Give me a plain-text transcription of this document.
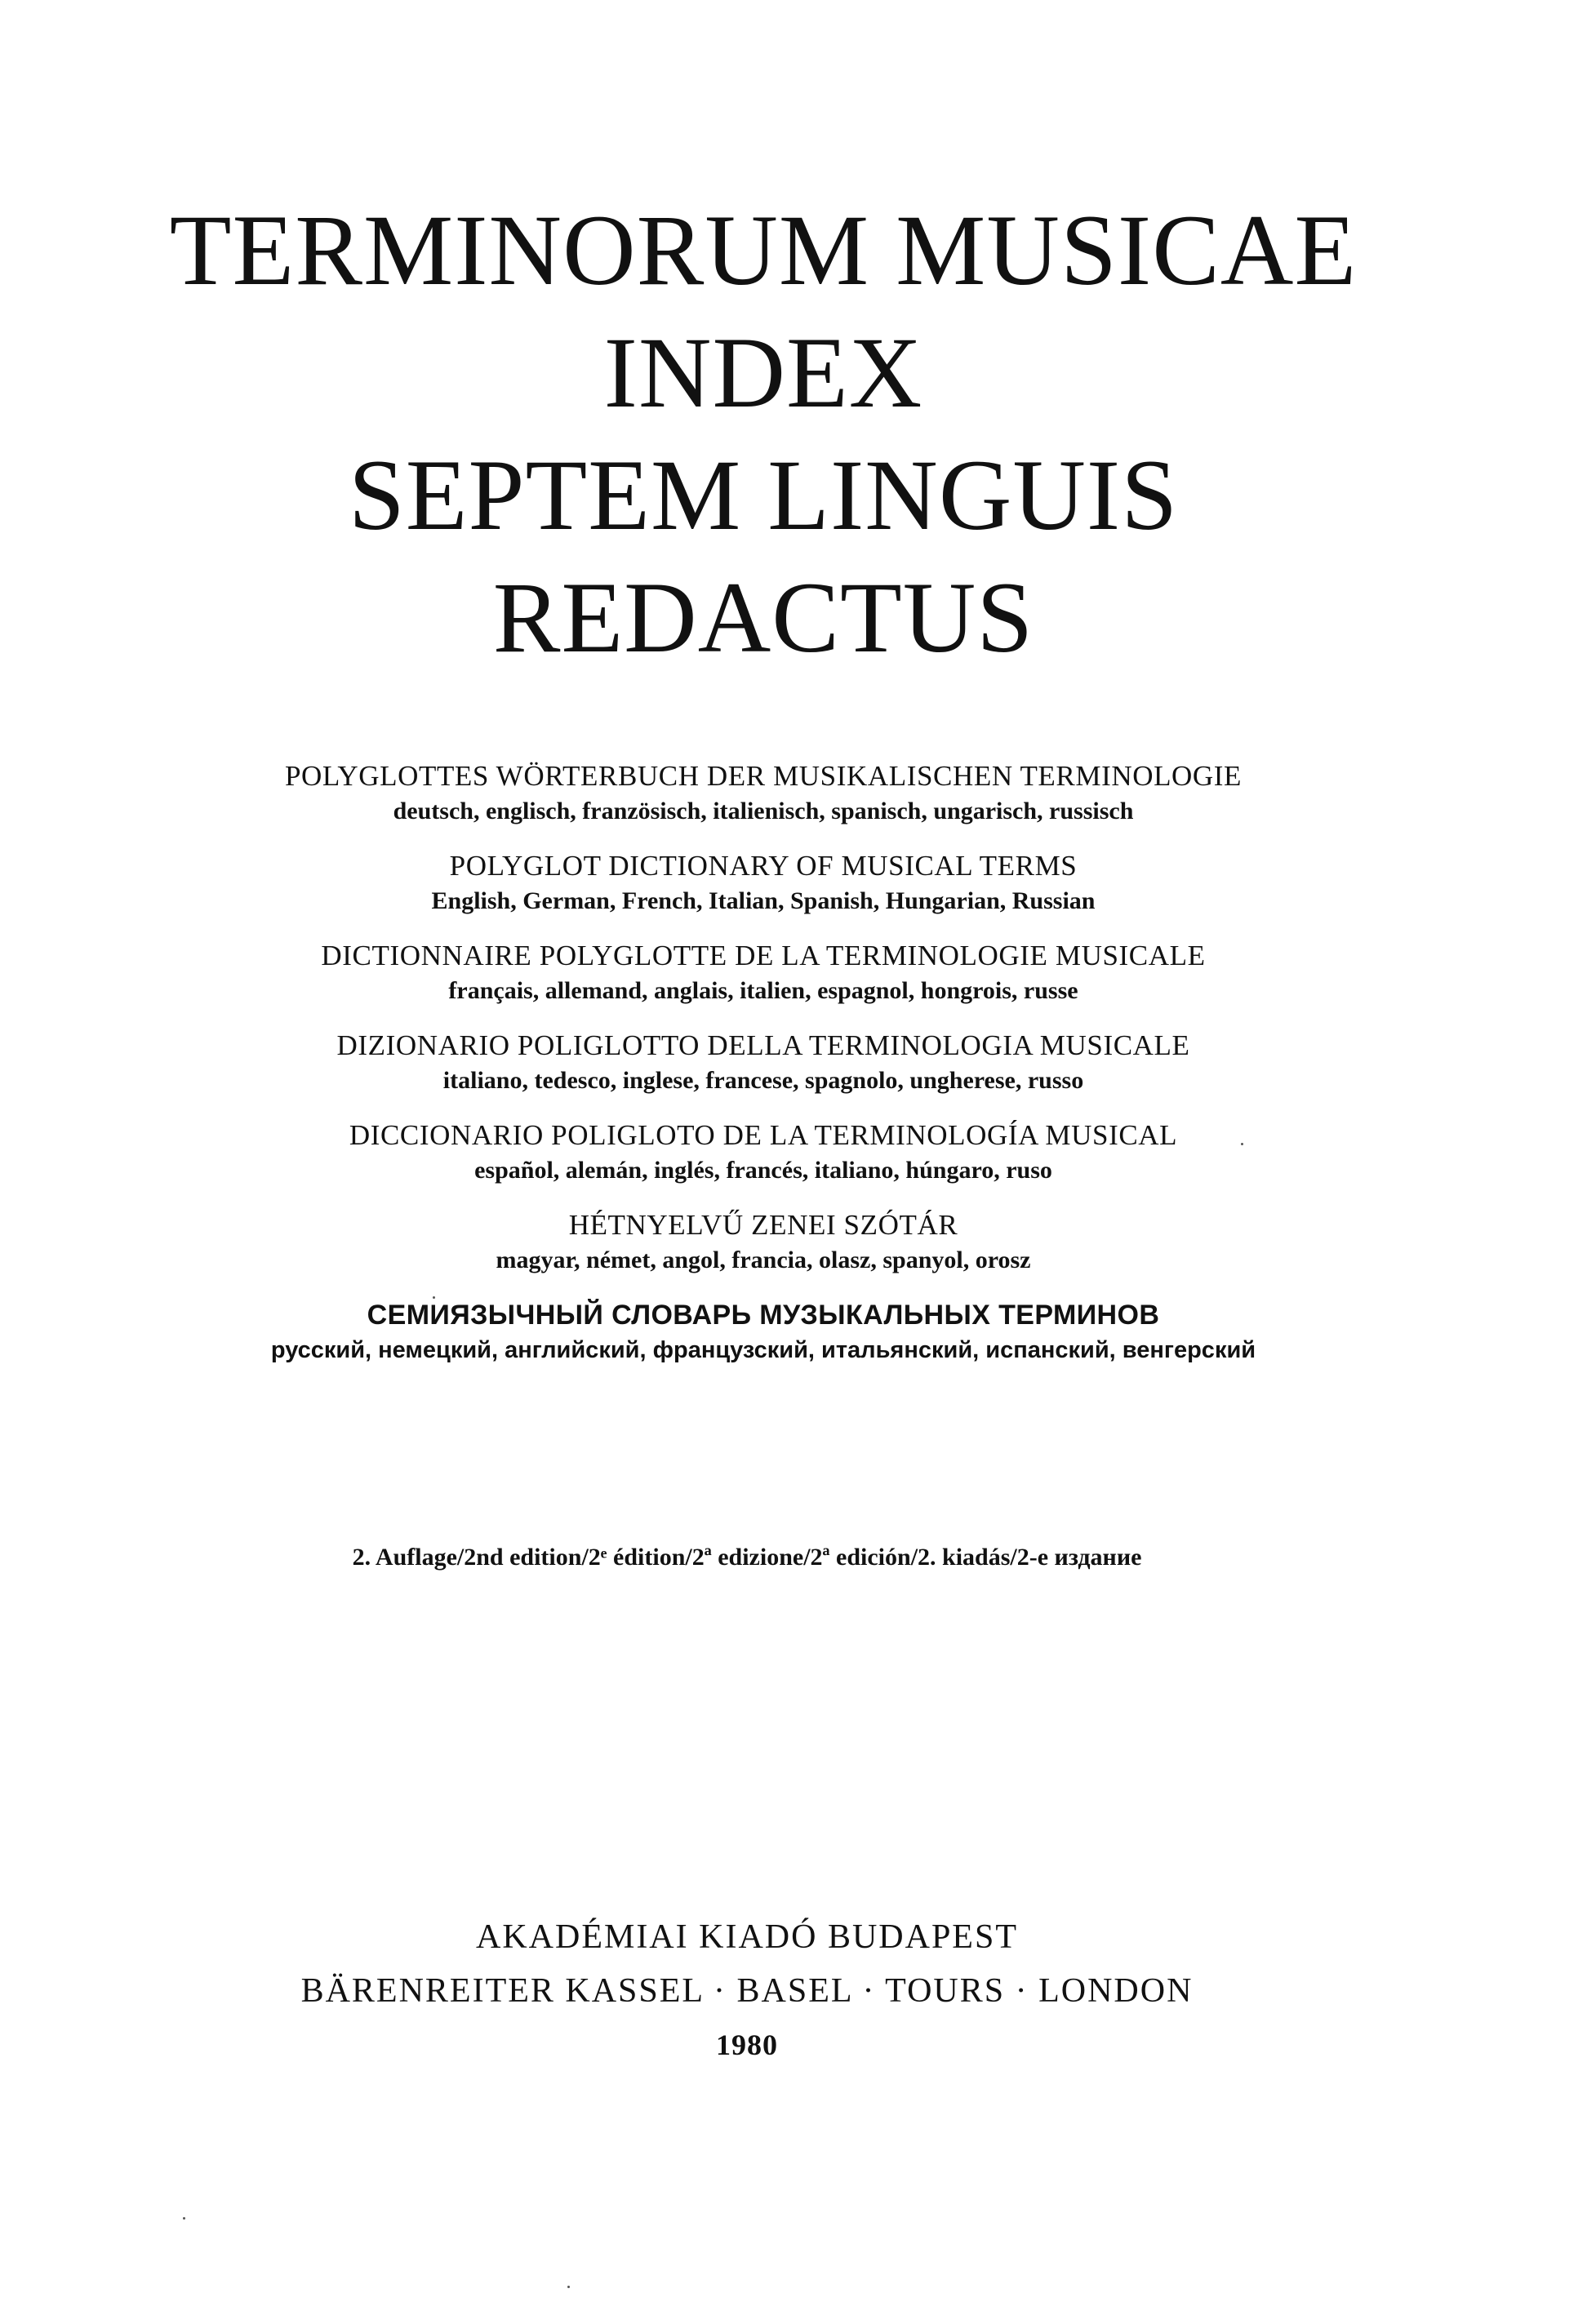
TERMINORUM MUSICAE
INDEX
SEPTEM LINGUIS
REDACTUS
POLYGLOTTES WÖRTERBUCH DER MUSIKALISCHEN TERMINOLOGIE
deutsch, englisch, französisch, italienisch, spanisch, ungarisch, russisch
POLYGLOT DICTIONARY OF MUSICAL TERMS
English, German, French, Italian, Spanish, Hungarian, Russian
DICTIONNAIRE POLYGLOTTE DE LA TERMINOLOGIE MUSICALE
français, allemand, anglais, italien, espagnol, hongrois, russe
DIZIONARIO POLIGLOTTO DELLA TERMINOLOGIA MUSICALE
italiano, tedesco, inglese, francese, spagnolo, ungherese, russo
DICCIONARIO POLIGLOTO DE LA TERMINOLOGÍA MUSICAL
español, alemán, inglés, francés, italiano, húngaro, ruso
HÉTNYELVŰ ZENEI SZÓTÁR
magyar, német, angol, francia, olasz, spanyol, orosz
СЕМИЯЗЫЧНЫЙ СЛОВАРЬ МУЗЫКАЛЬНЫХ ТЕРМИНОВ
русский, немецкий, английский, французский, итальянский, испанский, венгерский
2. Auflage/2nd edition/2ᵉ édition/2ª edizione/2ª edición/2. kiadás/2-e издание
AKADÉMIAI KIADÓ BUDAPEST
BÄRENREITER KASSEL · BASEL · TOURS · LONDON
1980
